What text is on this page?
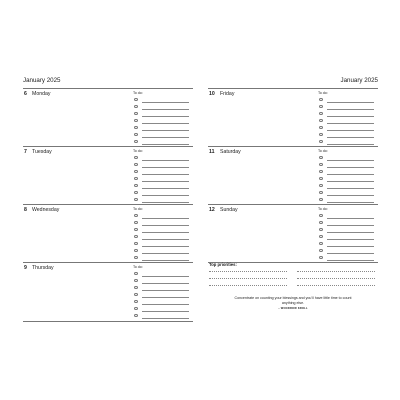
January 2025
6 Monday	To do:
7 Tuesday	To do:
8 Wednesday	To do:
9 Thursday	To do:
January 2025
10 Friday	To do:
11 Saturday	To do:
12 Sunday	To do:
Top priorities:
Concentrate on counting your blessings and you'll have little time to count anything else.
– WOODROW KROLL
